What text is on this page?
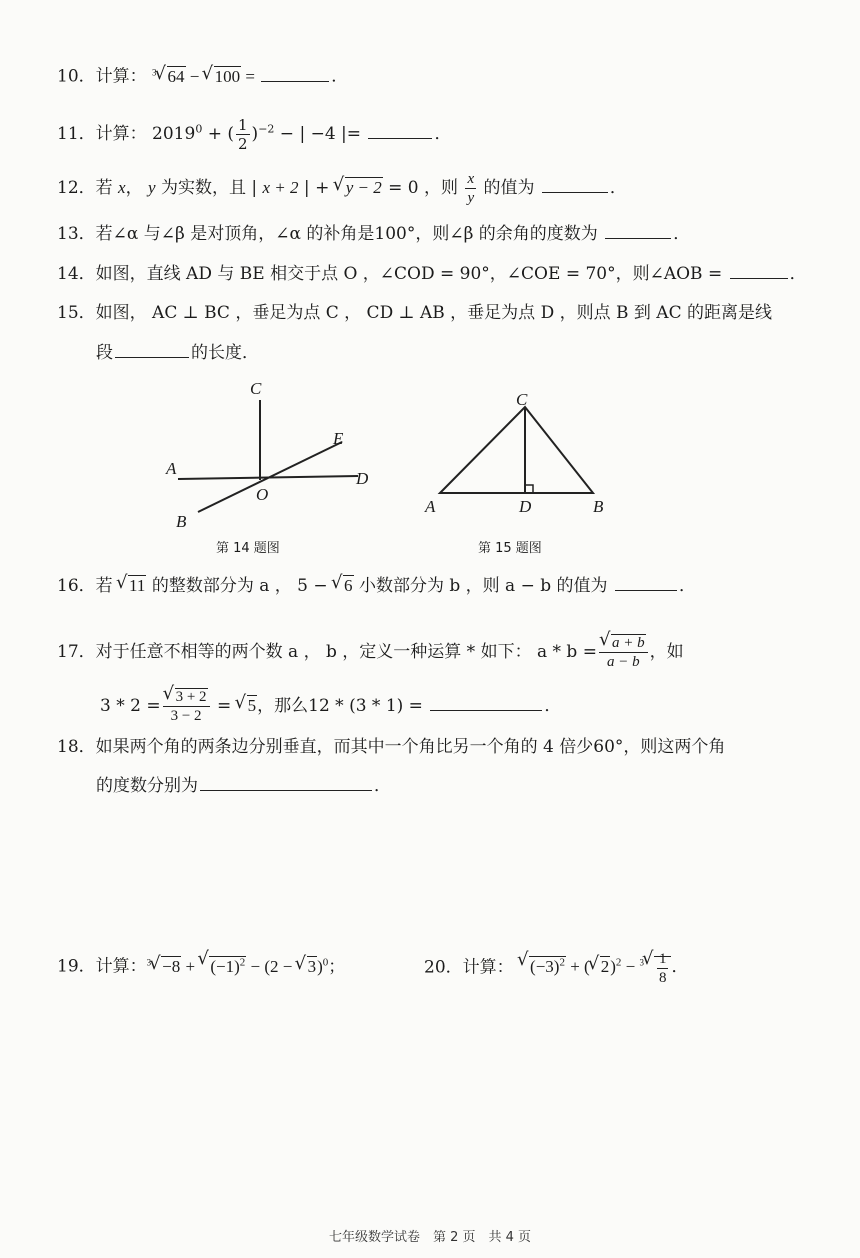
10．计算： $^3$ √ 64 − √ 100 =	．
11．计算： $2019^0$ + ( $\frac{1}{2} )^{-2}$ − | −4 |=	．
12．若 x， y 为实数，且 | x + 2 | + √ y − 2 = 0 ，则 $\frac{x}{y}$ 的值为	．
13．若∠α 与∠β 是对顶角，∠α 的补角是100°，则∠β 的余角的度数为	．
14．如图，直线 AD 与 BE 相交于点 O ，∠COD = 90°，∠COE = 70°，则∠AOB =	．
15．如图， AC ⊥ BC ，垂足为点 C ， CD ⊥ AB ，垂足为点 D ，则点 B 到 AC 的距离是线
段	的长度．
C
E
A
D
O
B
第 14 题图
C
A	D	B
第 15 题图
16．若 √ 11 的整数部分为 a ， 5 − √ 6 小数部分为 b ，则 a − b 的值为	．
17．对于任意不相等的两个数 a ， b ，定义一种运算 * 如下： a * b = √ $\frac{a + b}{a - b}$ ，如
3 * 2 = √ $\frac{3 + 2}{3 - 2}$ = √ 5，那么12 * (3 * 1) =	．
18．如果两个角的两条边分别垂直，而其中一个角比另一个角的 4 倍少60°，则这两个角
的度数分别为	．
19．计算：$^3$ √ −8 + √ $(-1)^2 - (2$ − √ 3)$^0$；	20．计算： √ $(-3)^2$ + ( √ 2)$^2$ − $^3$ √ $\frac{1}{8}$ ．
七年级数学试卷　第 2 页　共 4 页
